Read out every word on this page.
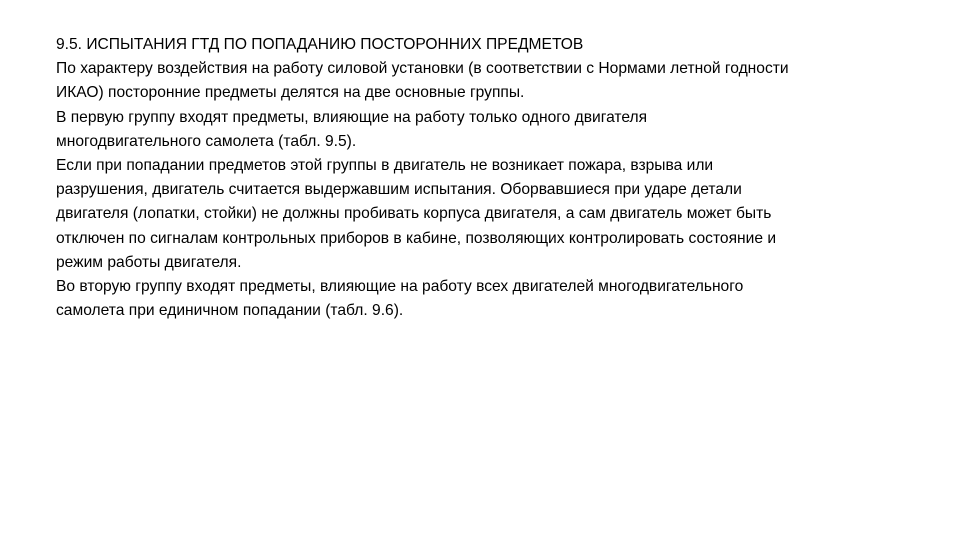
9.5. ИСПЫТАНИЯ ГТД ПО ПОПАДАНИЮ ПОСТОРОННИХ ПРЕДМЕТОВ
По характеру воздействия на работу силовой установки (в соответствии с Нормами летной годности
ИКАО) посторонние предметы делятся на две основные группы.
В первую группу входят предметы, влияющие на работу только одного двигателя
многодвигательного самолета (табл. 9.5).
Если при попадании предметов этой группы в двигатель не возникает пожара, взрыва или
разрушения, двигатель считается выдержавшим испытания. Оборвавшиеся при ударе детали
двигателя (лопатки, стойки) не должны пробивать корпуса двигателя, а сам двигатель может быть
отключен по сигналам контрольных приборов в кабине, позволяющих контролировать состояние и
режим работы двигателя.
Во вторую группу входят предметы, влияющие на работу всех двигателей многодвигательного
самолета при единичном попадании (табл. 9.6).
